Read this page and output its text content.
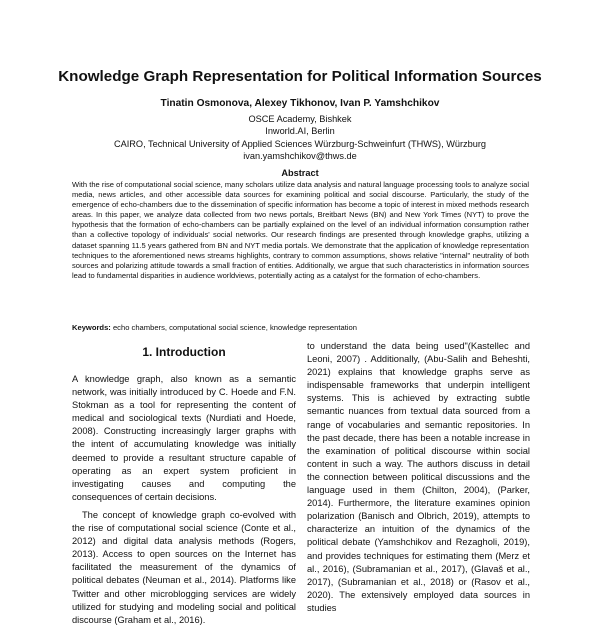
Knowledge Graph Representation for Political Information Sources
Tinatin Osmonova, Alexey Tikhonov, Ivan P. Yamshchikov
OSCE Academy, Bishkek
Inworld.AI, Berlin
CAIRO, Technical University of Applied Sciences Würzburg-Schweinfurt (THWS), Würzburg
ivan.yamshchikov@thws.de
Abstract

With the rise of computational social science, many scholars utilize data analysis and natural language processing tools to analyze social media, news articles, and other accessible data sources for examining political and social discourse. Particularly, the study of the emergence of echo-chambers due to the dissemination of specific information has become a topic of interest in mixed methods research areas. In this paper, we analyze data collected from two news portals, Breitbart News (BN) and New York Times (NYT) to prove the hypothesis that the formation of echo-chambers can be partially explained on the level of an individual information consumption rather than a collective topology of individuals' social networks. Our research findings are presented through knowledge graphs, utilizing a dataset spanning 11.5 years gathered from BN and NYT media portals. We demonstrate that the application of knowledge representation techniques to the aforementioned news streams highlights, contrary to common assumptions, shows relative "internal" neutrality of both sources and polarizing attitude towards a small fraction of entities. Additionally, we argue that such characteristics in information sources lead to fundamental disparities in audience worldviews, potentially acting as a catalyst for the formation of echo-chambers.

Keywords: echo chambers, computational social science, knowledge representation

1. Introduction

A knowledge graph, also known as a semantic network, was initially introduced by C. Hoede and F.N. Stokman as a tool for representing the content of medical and sociological texts (Nurdiati and Hoede, 2008). Constructing increasingly larger graphs with the intent of accumulating knowledge was initially deemed to provide a resultant structure capable of operating as an expert system proficient in investigating causes and computing the consequences of certain decisions.

The concept of knowledge graph co-evolved with the rise of computational social science (Conte et al., 2012) and digital data analysis methods (Rogers, 2013). Access to open sources on the Internet has facilitated the measurement of the dynamics of political debates (Neuman et al., 2014). Platforms like Twitter and other microblogging services are widely utilized for studying and modeling social and political discourse (Graham et al., 2016).

to understand the data being used"(Kastellec and Leoni, 2007) . Additionally, (Abu-Salih and Beheshti, 2021) explains that knowledge graphs serve as indispensable frameworks that underpin intelligent systems. This is achieved by extracting subtle semantic nuances from textual data sourced from a range of vocabularies and semantic repositories. In the past decade, there has been a notable increase in the examination of political discourse within social content in such a way. The authors discuss in detail the connection between political discussions and the language used in them (Chilton, 2004), (Parker, 2014). Furthermore, the literature examines opinion polarization (Banisch and Olbrich, 2019), attempts to characterize an intuition of the dynamics of the political debate (Yamshchikov and Rezagholi, 2019), and provides techniques for estimating them (Merz et al., 2016), (Subramanian et al., 2017), (Glavaš et al., 2017), (Subramanian et al., 2018) or (Rasov et al., 2020). The extensively employed data sources in studies
